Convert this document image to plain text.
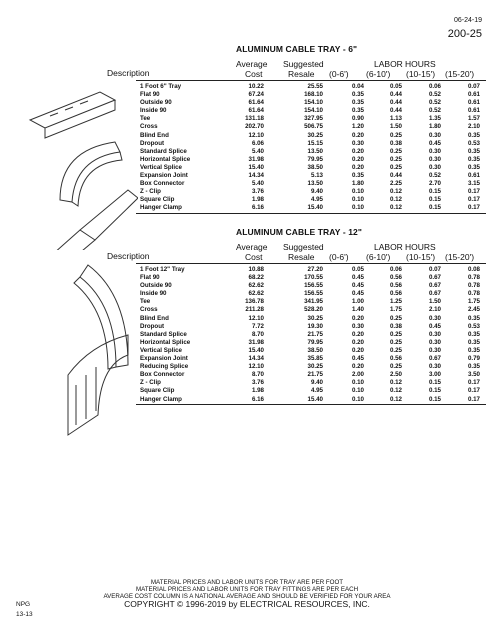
06-24-19
200-25
ALUMINUM CABLE TRAY - 6"
Description
Average
Cost
Suggested
Resale
LABOR HOURS
(0-6') (6-10') (10-15') (15-20')
1 Foot 6" Tray	10.22	25.55	0.04	0.05	0.06	0.07
Flat 90	67.24	168.10	0.35	0.44	0.52	0.61
Outside 90	61.64	154.10	0.35	0.44	0.52	0.61
Inside 90	61.64	154.10	0.35	0.44	0.52	0.61
Tee	131.18	327.95	0.90	1.13	1.35	1.57
Cross	202.70	506.75	1.20	1.50	1.80	2.10
Blind End	12.10	30.25	0.20	0.25	0.30	0.35
Dropout	6.06	15.15	0.30	0.38	0.45	0.53
Standard Splice	5.40	13.50	0.20	0.25	0.30	0.35
Horizontal Splice	31.98	79.95	0.20	0.25	0.30	0.35
Vertical Splice	15.40	38.50	0.20	0.25	0.30	0.35
Expansion Joint	14.34	5.13	0.35	0.44	0.52	0.61
Box Connector	5.40	13.50	1.80	2.25	2.70	3.15
Z - Clip	3.76	9.40	0.10	0.12	0.15	0.17
Square Clip	1.98	4.95	0.10	0.12	0.15	0.17
Hanger Clamp	6.16	15.40	0.10	0.12	0.15	0.17
ALUMINUM CABLE TRAY - 12"
Description
Average
Cost
Suggested
Resale
LABOR HOURS
(0-6') (6-10') (10-15') (15-20')
1 Foot 12" Tray	10.88	27.20	0.05	0.06	0.07	0.08
Flat 90	68.22	170.55	0.45	0.56	0.67	0.78
Outside 90	62.62	156.55	0.45	0.56	0.67	0.78
Inside 90	62.62	156.55	0.45	0.56	0.67	0.78
Tee	136.78	341.95	1.00	1.25	1.50	1.75
Cross	211.28	528.20	1.40	1.75	2.10	2.45
Blind End	12.10	30.25	0.20	0.25	0.30	0.35
Dropout	7.72	19.30	0.30	0.38	0.45	0.53
Standard Splice	8.70	21.75	0.20	0.25	0.30	0.35
Horizontal Splice	31.98	79.95	0.20	0.25	0.30	0.35
Vertical Splice	15.40	38.50	0.20	0.25	0.30	0.35
Expansion Joint	14.34	35.85	0.45	0.56	0.67	0.79
Reducing Splice	12.10	30.25	0.20	0.25	0.30	0.35
Box Connector	8.70	21.75	2.00	2.50	3.00	3.50
Z - Clip	3.76	9.40	0.10	0.12	0.15	0.17
Square Clip	1.98	4.95	0.10	0.12	0.15	0.17
Hanger Clamp	6.16	15.40	0.10	0.12	0.15	0.17
MATERIAL PRICES AND LABOR UNITS FOR TRAY ARE PER FOOT
MATERIAL PRICES AND LABOR UNITS FOR TRAY FITTINGS ARE PER EACH
AVERAGE COST COLUMN IS A NATIONAL AVERAGE AND SHOULD BE VERIFIED FOR YOUR AREA
COPYRIGHT © 1996-2019 by ELECTRICAL RESOURCES, INC.
NPG
13-13
